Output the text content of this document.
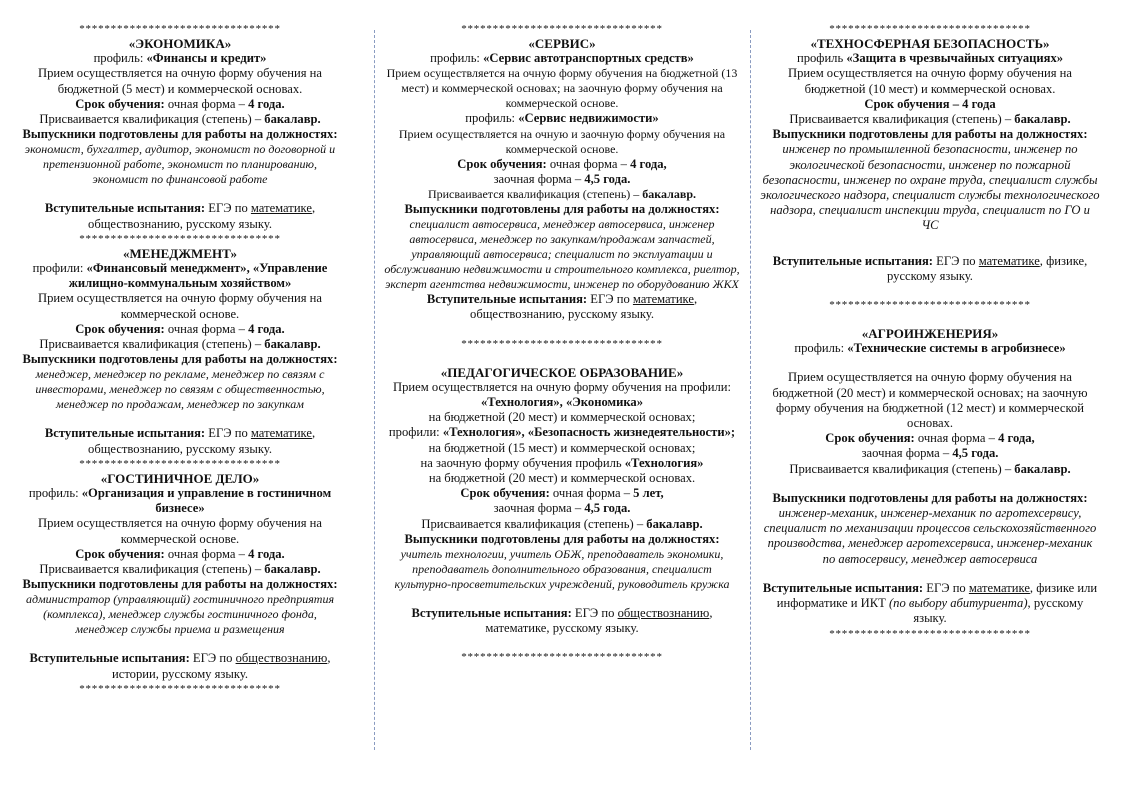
********************************

«ЭКОНОМИКА»

профиль: «Финансы и кредит»

Прием осуществляется на очную форму обучения на бюджетной (5 мест) и коммерческой основах.

Срок обучения: очная форма – 4 года.

Присваивается квалификация (степень) – бакалавр.

Выпускники подготовлены для работы на должностях:

экономист, бухгалтер, аудитор, экономист по договорной и претензионной работе, экономист по планированию, экономист по финансовой работе

Вступительные испытания: ЕГЭ по математике, обществознанию, русскому языку.

********************************

«МЕНЕДЖМЕНТ»

профили: «Финансовый менеджмент», «Управление жилищно-коммунальным хозяйством»

Прием осуществляется на очную форму обучения на коммерческой основе.

Срок обучения: очная форма – 4 года.

Присваивается квалификация (степень) – бакалавр.

Выпускники подготовлены для работы на должностях:

менеджер, менеджер по рекламе, менеджер по связям с инвесторами, менеджер по связям с общественностью, менеджер по продажам, менеджер по закупкам

Вступительные испытания: ЕГЭ по математике, обществознанию, русскому языку.

********************************

«ГОСТИНИЧНОЕ ДЕЛО»

профиль: «Организация и управление в гостиничном бизнесе»

Прием осуществляется на очную форму обучения на коммерческой основе.

Срок обучения: очная форма – 4 года.

Присваивается квалификация (степень) – бакалавр.

Выпускники подготовлены для работы на должностях:

администратор (управляющий) гостиничного предприятия (комплекса), менеджер службы гостиничного фонда, менеджер службы приема и размещения

Вступительные испытания: ЕГЭ по обществознанию, истории, русскому языку.

********************************

********************************

«СЕРВИС»

профиль: «Сервис автотранспортных средств»

Прием осуществляется на очную форму обучения на бюджетной (13 мест) и коммерческой основах; на заочную форму обучения на коммерческой основе.

профиль: «Сервис недвижимости»

Прием осуществляется на очную и заочную форму обучения на коммерческой основе.

Срок обучения: очная форма – 4 года,

заочная форма – 4,5 года.

Присваивается квалификация (степень) – бакалавр.

Выпускники подготовлены для работы на должностях:

специалист автосервиса, менеджер автосервиса, инженер автосервиса, менеджер по закупкам/продажам запчастей, управляющий автосервиса; специалист по эксплуатации и обслуживанию недвижимости и строительного комплекса, риелтор, эксперт агентства недвижимости, инженер по оборудованию ЖКХ

Вступительные испытания: ЕГЭ по математике, обществознанию, русскому языку.

********************************

«ПЕДАГОГИЧЕСКОЕ ОБРАЗОВАНИЕ»

Прием осуществляется на очную форму обучения на профили: «Технология», «Экономика»

на бюджетной (20 мест) и коммерческой основах;

профили: «Технология», «Безопасность жизнедеятельности»;

на бюджетной (15 мест) и коммерческой основах;

на заочную форму обучения профиль «Технология»

на бюджетной (20 мест) и коммерческой основах.

Срок обучения: очная форма – 5 лет,

заочная форма – 4,5 года.

Присваивается квалификация (степень) – бакалавр.

Выпускники подготовлены для работы на должностях:

учитель технологии, учитель ОБЖ, преподаватель экономики, преподаватель дополнительного образования, специалист культурно-просветительских учреждений, руководитель кружка

Вступительные испытания: ЕГЭ по обществознанию, математике, русскому языку.

********************************

********************************

«ТЕХНОСФЕРНАЯ БЕЗОПАСНОСТЬ»

профиль «Защита в чрезвычайных ситуациях»

Прием осуществляется на очную форму обучения на бюджетной (10 мест) и коммерческой основах.

Срок обучения – 4 года

Присваивается квалификация (степень) – бакалавр.

Выпускники подготовлены для работы на должностях: инженер по промышленной безопасности, инженер по экологической безопасности, инженер по пожарной безопасности, инженер по охране труда, специалист службы экологического надзора, специалист службы технологического надзора, специалист инспекции труда, специалист по ГО и ЧС

Вступительные испытания: ЕГЭ по математике, физике, русскому языку.

********************************

«АГРОИНЖЕНЕРИЯ»

профиль: «Технические системы в агробизнесе»

Прием осуществляется на очную форму обучения на бюджетной (20 мест) и коммерческой основах; на заочную форму обучения на бюджетной (12 мест) и коммерческой основах.

Срок обучения: очная форма – 4 года,

заочная форма – 4,5 года.

Присваивается квалификация (степень) – бакалавр.

Выпускники подготовлены для работы на должностях: инженер-механик, инженер-механик по агротехсервису, специалист по механизации процессов сельскохозяйственного производства, менеджер агротехсервиса, инженер-механик по автосервису, менеджер автосервиса

Вступительные испытания: ЕГЭ по математике, физике или информатике и ИКТ (по выбору абитуриента), русскому языку.

********************************
